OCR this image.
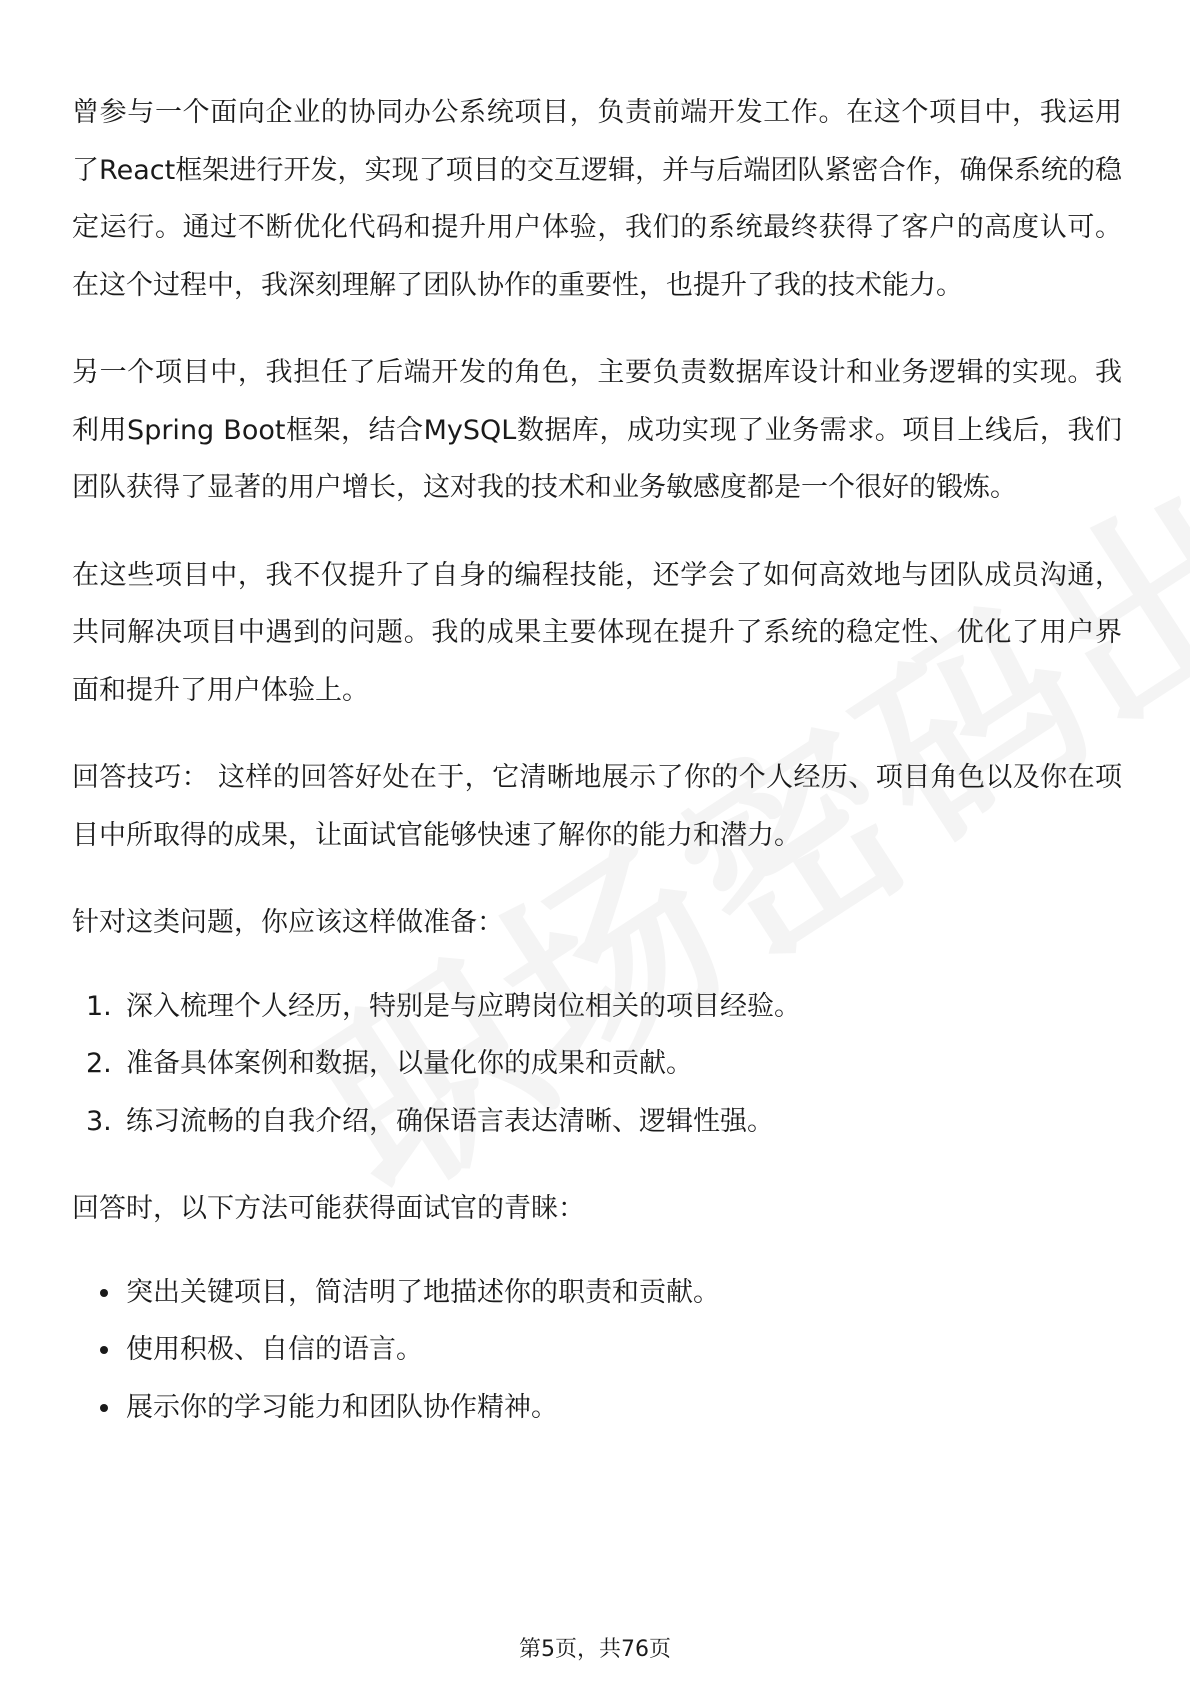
曾参与一个面向企业的协同办公系统项目，负责前端开发工作。在这个项目中，我运用了React框架进行开发，实现了项目的交互逻辑，并与后端团队紧密合作，确保系统的稳定运行。通过不断优化代码和提升用户体验，我们的系统最终获得了客户的高度认可。在这个过程中，我深刻理解了团队协作的重要性，也提升了我的技术能力。

另一个项目中，我担任了后端开发的角色，主要负责数据库设计和业务逻辑的实现。我利用Spring Boot框架，结合MySQL数据库，成功实现了业务需求。项目上线后，我们团队获得了显著的用户增长，这对我的技术和业务敏感度都是一个很好的锻炼。

在这些项目中，我不仅提升了自身的编程技能，还学会了如何高效地与团队成员沟通，共同解决项目中遇到的问题。我的成果主要体现在提升了系统的稳定性、优化了用户界面和提升了用户体验上。

回答技巧： 这样的回答好处在于，它清晰地展示了你的个人经历、项目角色以及你在项目中所取得的成果，让面试官能够快速了解你的能力和潜力。

针对这类问题，你应该这样做准备：

1. 深入梳理个人经历，特别是与应聘岗位相关的项目经验。
2. 准备具体案例和数据，以量化你的成果和贡献。
3. 练习流畅的自我介绍，确保语言表达清晰、逻辑性强。

回答时，以下方法可能获得面试官的青睐：

突出关键项目，简洁明了地描述你的职责和贡献。
使用积极、自信的语言。
展示你的学习能力和团队协作精神。
第5页，共76页
